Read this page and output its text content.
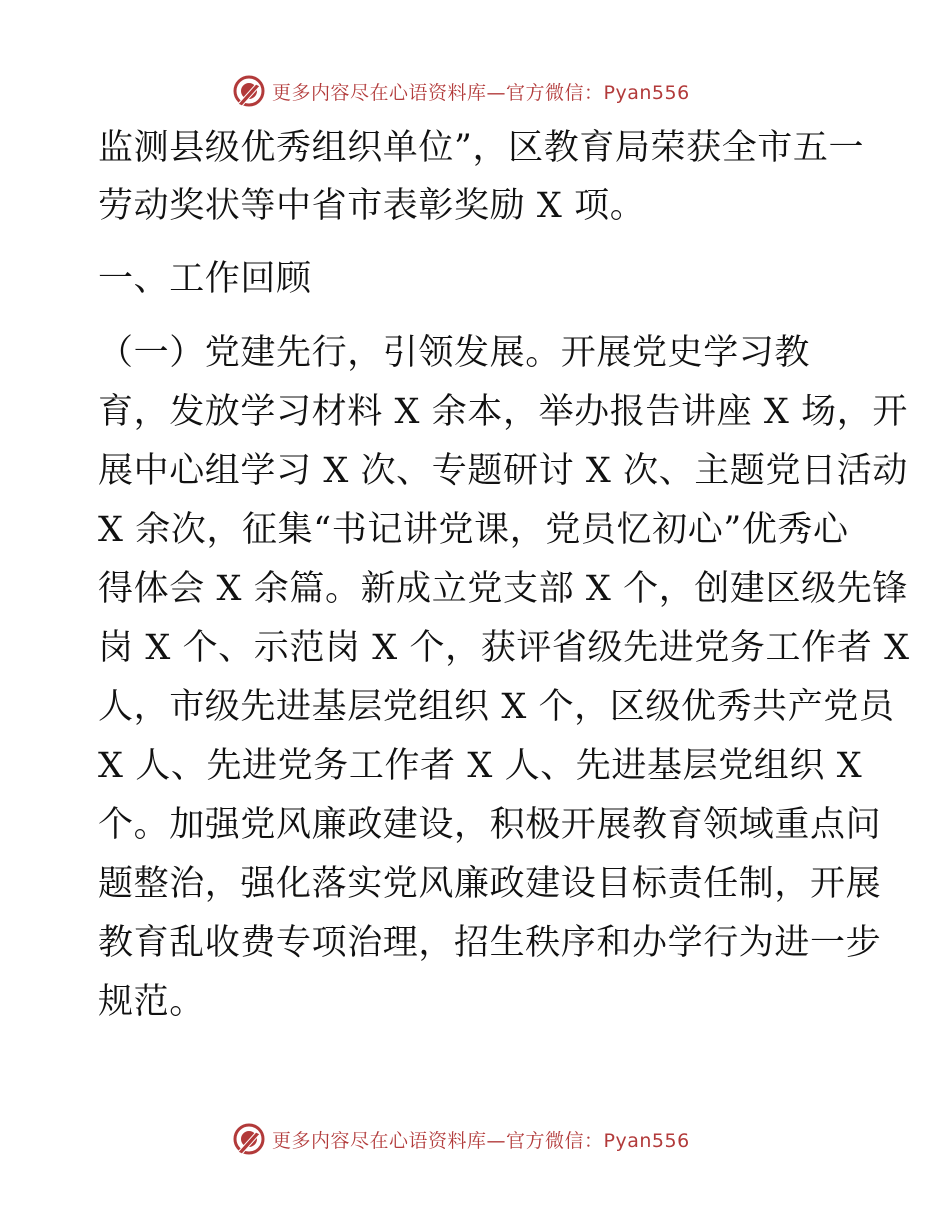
更多内容尽在心语资料库—官方微信：Pyan556
监测县级优秀组织单位”，区教育局荣获全市五一
劳动奖状等中省市表彰奖励 X 项。
一、工作回顾
（一）党建先行，引领发展。开展党史学习教
育，发放学习材料 X 余本，举办报告讲座 X 场，开
展中心组学习 X 次、专题研讨 X 次、主题党日活动
X 余次，征集“书记讲党课，党员忆初心”优秀心
得体会 X 余篇。新成立党支部 X 个，创建区级先锋
岗 X 个、示范岗 X 个，获评省级先进党务工作者 X
人，市级先进基层党组织 X 个，区级优秀共产党员
X 人、先进党务工作者 X 人、先进基层党组织 X
个。加强党风廉政建设，积极开展教育领域重点问
题整治，强化落实党风廉政建设目标责任制，开展
教育乱收费专项治理，招生秩序和办学行为进一步
规范。
更多内容尽在心语资料库—官方微信：Pyan556
